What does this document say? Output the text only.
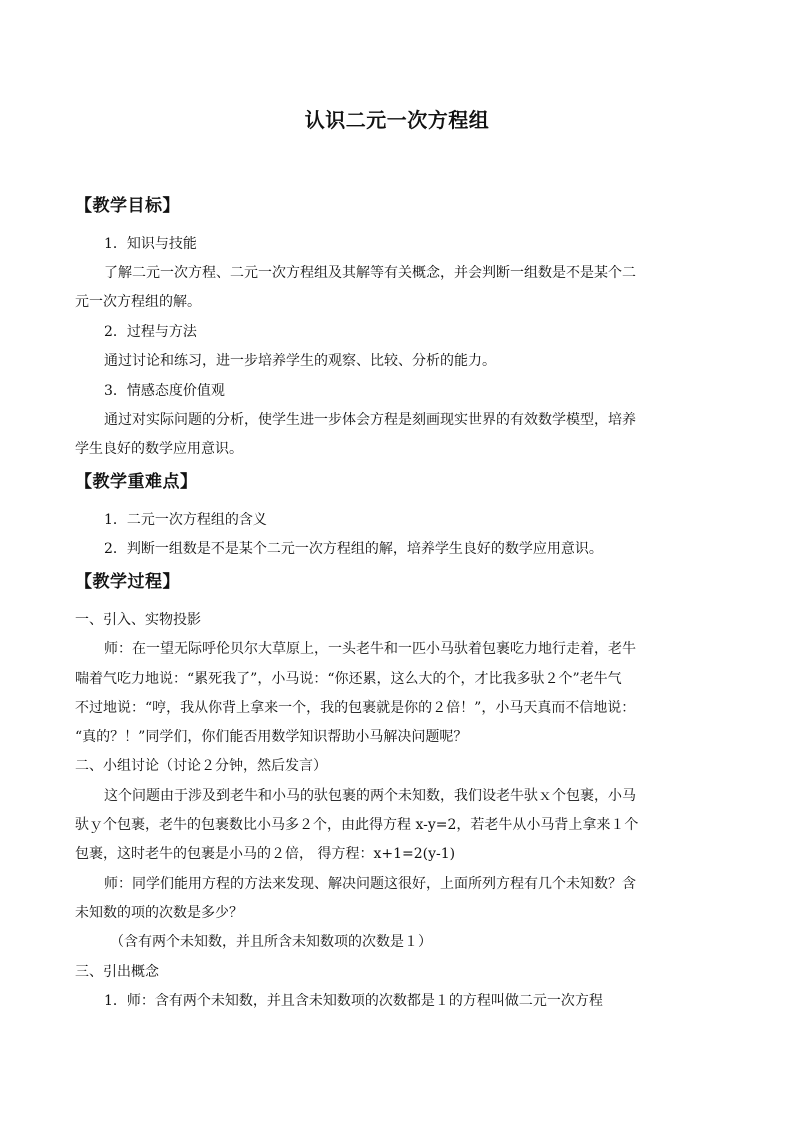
认识二元一次方程组
【教学目标】
1．知识与技能
了解二元一次方程、二元一次方程组及其解等有关概念，并会判断一组数是不是某个二
元一次方程组的解。
2．过程与方法
通过讨论和练习，进一步培养学生的观察、比较、分析的能力。
3．情感态度价值观
通过对实际问题的分析，使学生进一步体会方程是刻画现实世界的有效数学模型，培养
学生良好的数学应用意识。
【教学重难点】
1．二元一次方程组的含义
2．判断一组数是不是某个二元一次方程组的解，培养学生良好的数学应用意识。
【教学过程】
一、引入、实物投影
师：在一望无际呼伦贝尔大草原上，一头老牛和一匹小马驮着包裹吃力地行走着，老牛
喘着气吃力地说：“累死我了”，小马说：“你还累，这么大的个，才比我多驮２个”老牛气
不过地说：“哼，我从你背上拿来一个，我的包裹就是你的２倍！”，小马天真而不信地说：
“真的？！”同学们，你们能否用数学知识帮助小马解决问题呢？
二、小组讨论（讨论２分钟，然后发言）
这个问题由于涉及到老牛和小马的驮包裹的两个未知数，我们设老牛驮ｘ个包裹，小马
驮ｙ个包裹，老牛的包裹数比小马多２个，由此得方程 x-y=2，若老牛从小马背上拿来１个
包裹，这时老牛的包裹是小马的２倍， 得方程：x+1=2(y-1)
师：同学们能用方程的方法来发现、解决问题这很好，上面所列方程有几个未知数？含
未知数的项的次数是多少？
（含有两个未知数，并且所含未知数项的次数是１）
三、引出概念
1．师：含有两个未知数，并且含未知数项的次数都是１的方程叫做二元一次方程
